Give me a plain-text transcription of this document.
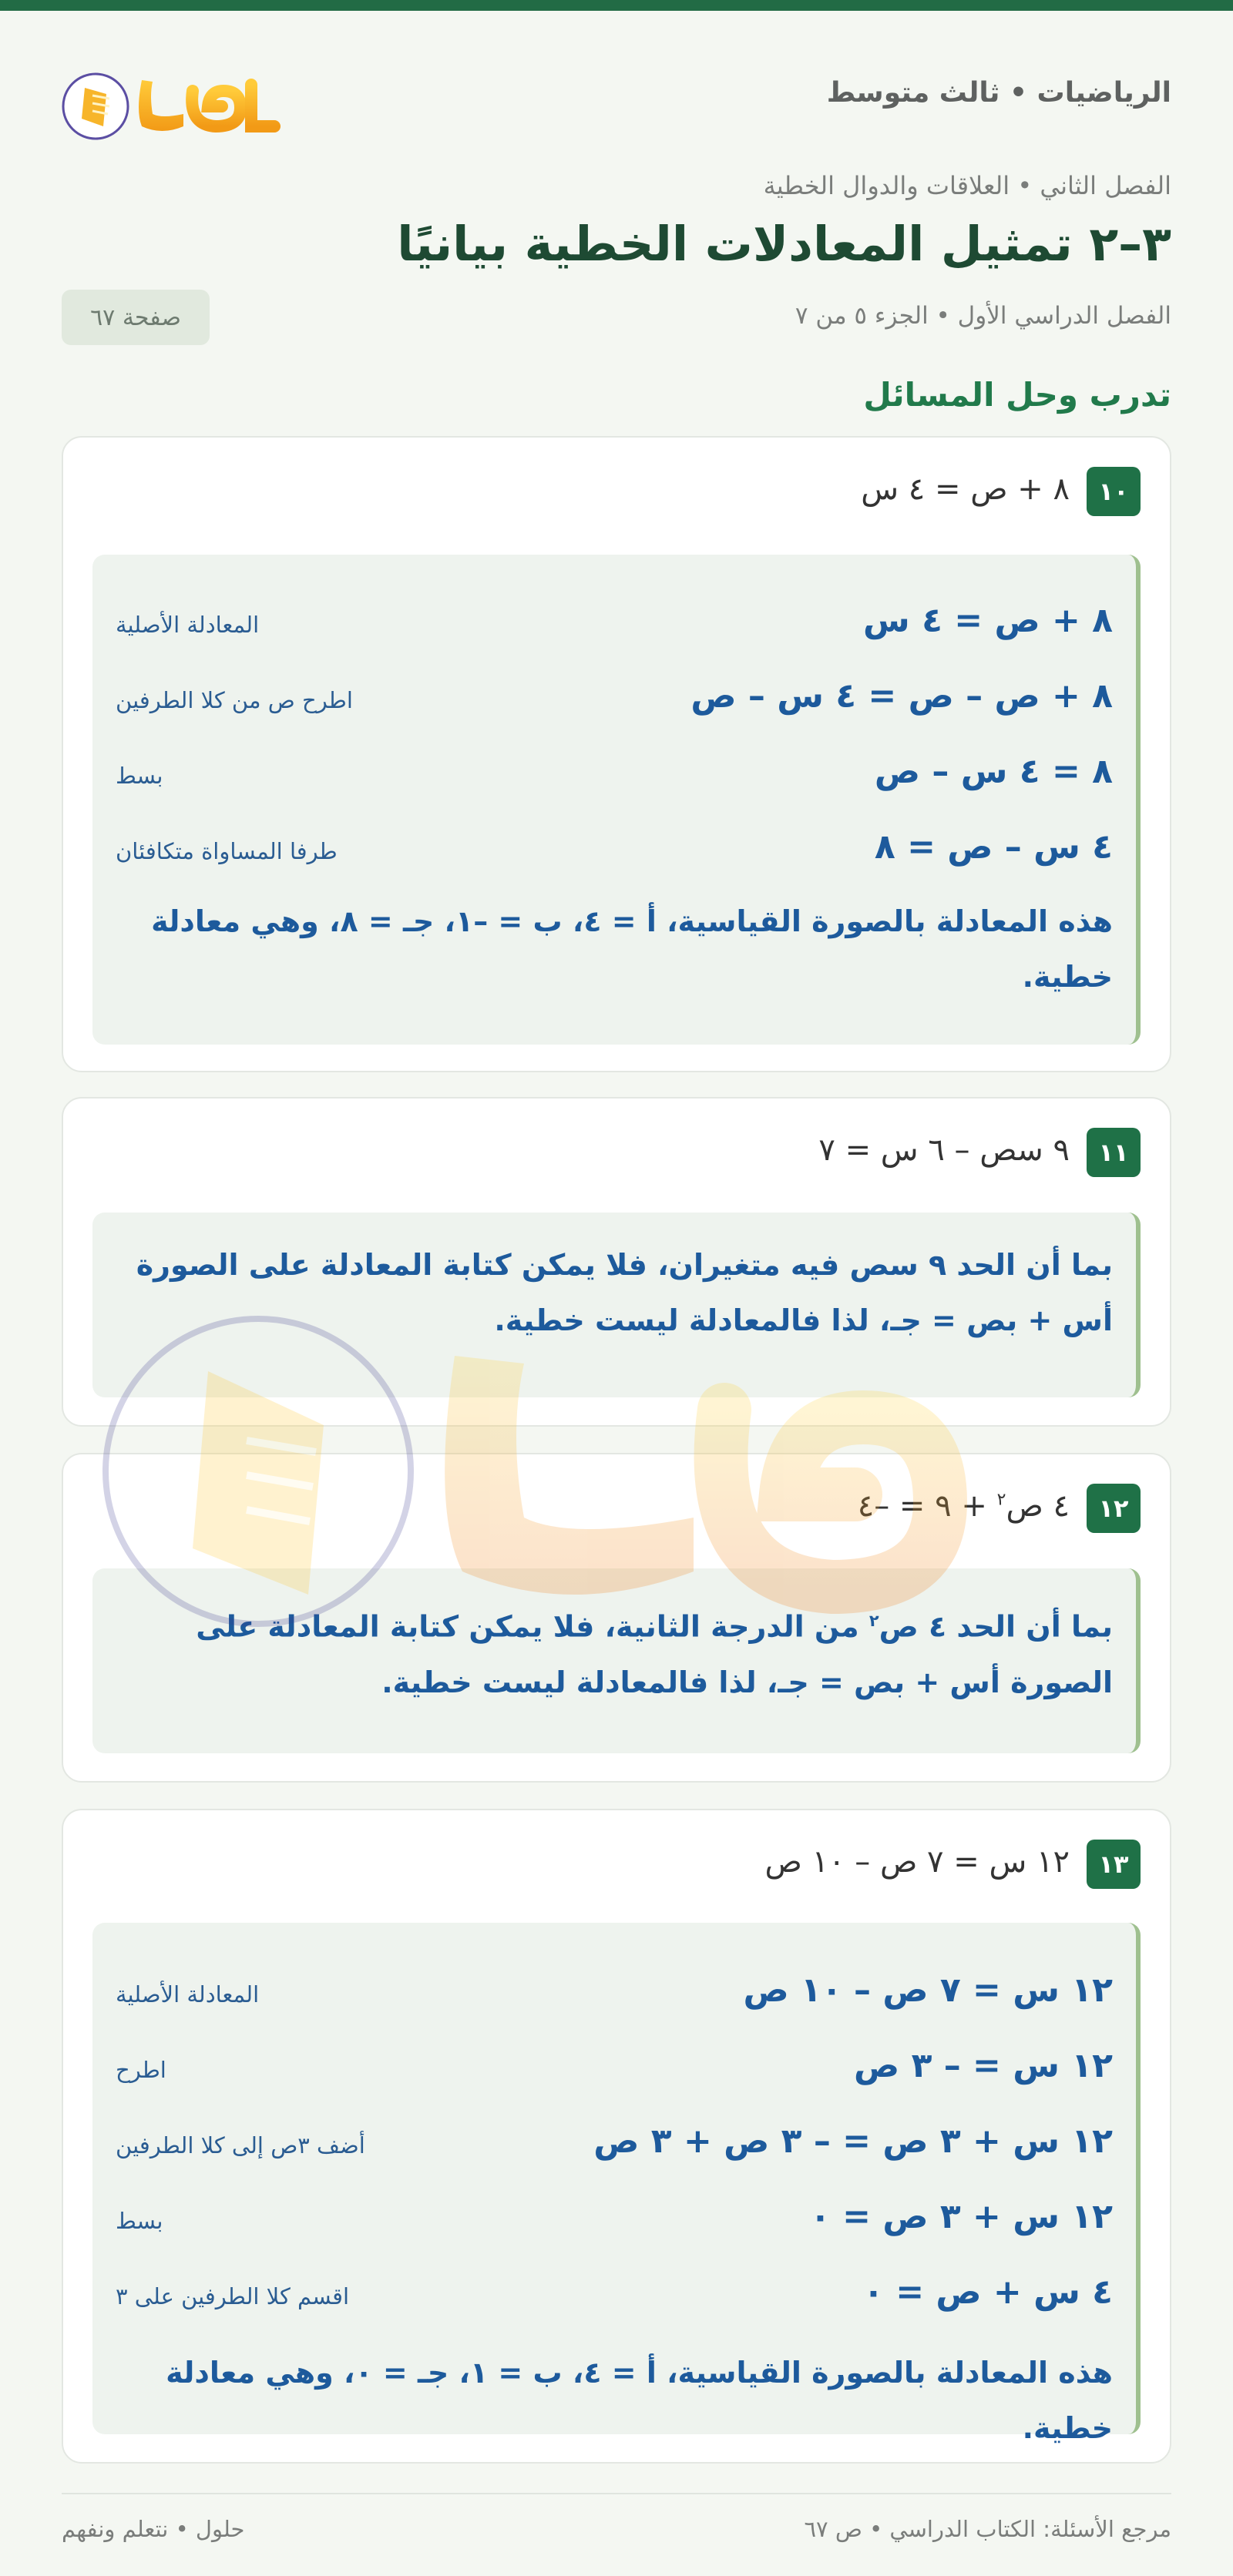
حلول
الرياضيات • ثالث متوسط
الفصل الثاني • العلاقات والدوال الخطية
٣–٢ تمثيل المعادلات الخطية بيانيًا
الفصل الدراسي الأول • الجزء ٥ من ٧
صفحة ٦٧
تدرب وحل المسائل
١٠
٨ + ص = ٤ س
٨ + ص = ٤ س
المعادلة الأصلية
٨ + ص – ص = ٤ س – ص
اطرح ص من كلا الطرفين
٨ = ٤ س – ص
بسط
٤ س – ص = ٨
طرفا المساواة متكافئان
هذه المعادلة بالصورة القياسية، أ = ٤، ب = –١، جـ = ٨، وهي معادلة خطية.
١١
٩ سص – ٦ س = ٧
بما أن الحد ٩ سص فيه متغيران، فلا يمكن كتابة المعادلة على الصورة أس + بص = جـ، لذا فالمعادلة ليست خطية.
١٢
٤ ص$^٢$ + ٩ = –٤
بما أن الحد ٤ ص$^٢$ من الدرجة الثانية، فلا يمكن كتابة المعادلة على الصورة أس + بص = جـ، لذا فالمعادلة ليست خطية.
١٣
١٢ س = ٧ ص – ١٠ ص
١٢ س = ٧ ص – ١٠ ص
المعادلة الأصلية
١٢ س = – ٣ ص
اطرح
١٢ س + ٣ ص = – ٣ ص + ٣ ص
أضف ٣ص إلى كلا الطرفين
١٢ س + ٣ ص = ٠
بسط
٤ س + ص = ٠
اقسم كلا الطرفين على ٣
هذه المعادلة بالصورة القياسية، أ = ٤، ب = ١، جـ = ٠، وهي معادلة خطية.
مرجع الأسئلة: الكتاب الدراسي • ص ٦٧
حلول • نتعلم ونفهم
